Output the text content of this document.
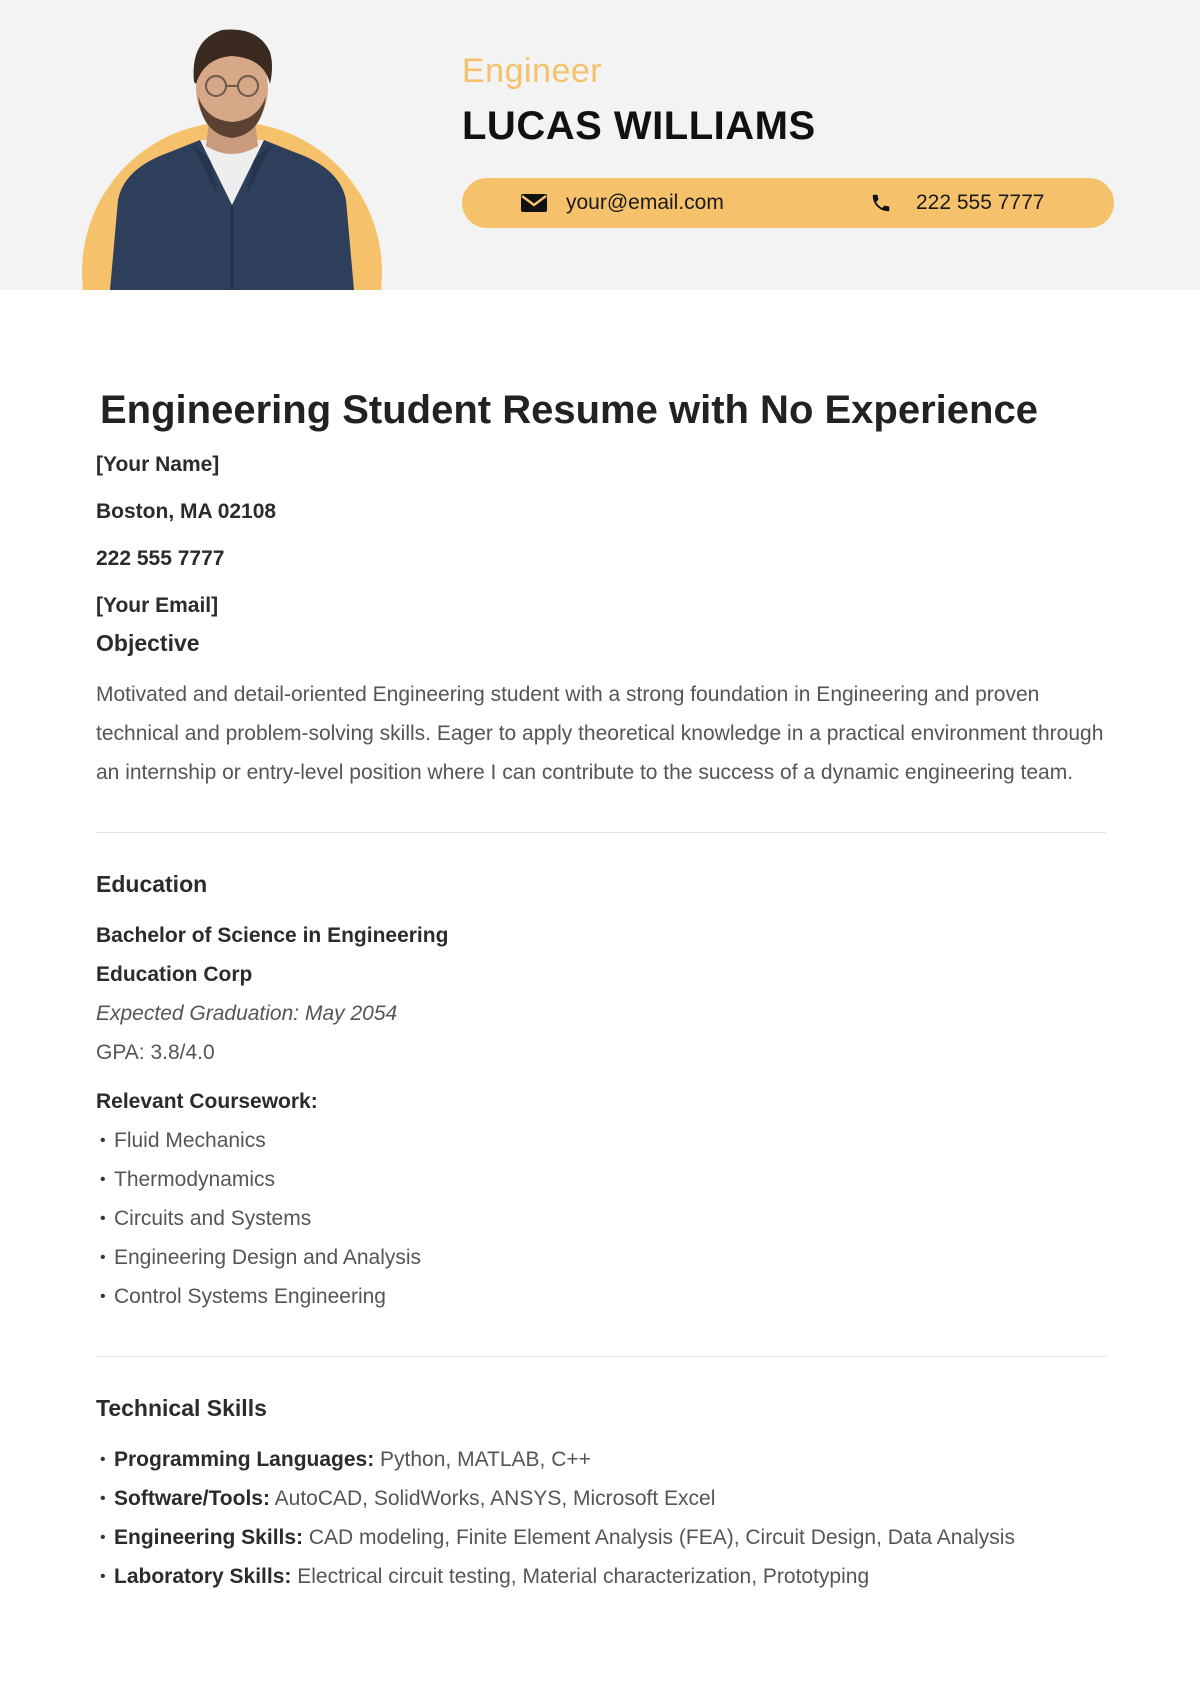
Engineer
LUCAS WILLIAMS
your@email.com	222 555 7777
Engineering Student Resume with No Experience
[Your Name]
Boston, MA 02108
222 555 7777
[Your Email]
Objective

Motivated and detail-oriented Engineering student with a strong foundation in Engineering and proven technical and problem-solving skills. Eager to apply theoretical knowledge in a practical environment through an internship or entry-level position where I can contribute to the success of a dynamic engineering team.

Education
Bachelor of Science in Engineering
Education Corp
Expected Graduation: May 2054
GPA: 3.8/4.0
Relevant Coursework:
• Fluid Mechanics
• Thermodynamics
• Circuits and Systems
• Engineering Design and Analysis
• Control Systems Engineering
Technical Skills
• Programming Languages: Python, MATLAB, C++
• Software/Tools: AutoCAD, SolidWorks, ANSYS, Microsoft Excel
• Engineering Skills: CAD modeling, Finite Element Analysis (FEA), Circuit Design, Data Analysis
• Laboratory Skills: Electrical circuit testing, Material characterization, Prototyping
